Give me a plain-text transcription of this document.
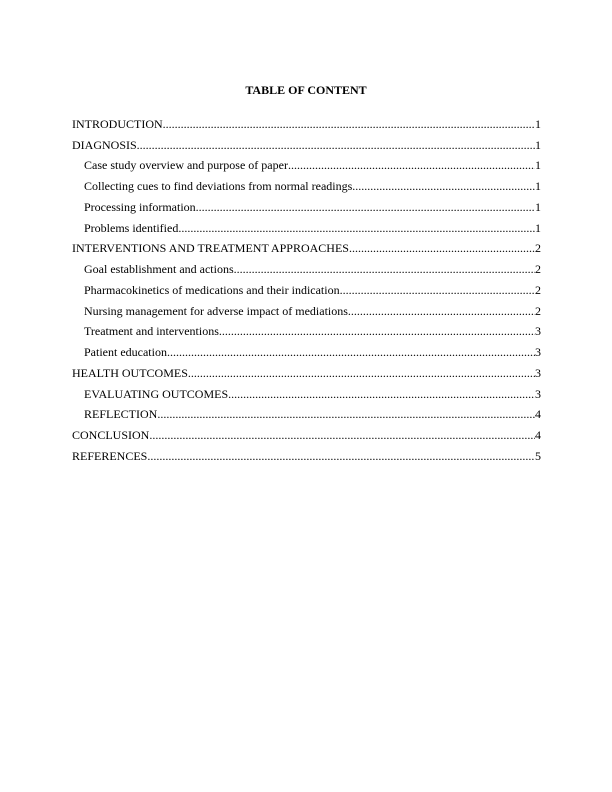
TABLE OF CONTENT
INTRODUCTION .....	1
DIAGNOSIS .....	1
Case study overview and purpose of paper .....	1
Collecting cues to find deviations from normal readings .....	1
Processing information .....	1
Problems identified .....	1
INTERVENTIONS AND TREATMENT APPROACHES .....	2
Goal establishment and actions .....	2
Pharmacokinetics of medications and their indication .....	2
Nursing management for adverse impact of mediations .....	2
Treatment and interventions .....	3
Patient education .....	3
HEALTH OUTCOMES .....	3
EVALUATING OUTCOMES .....	3
REFLECTION .....	4
CONCLUSION .....	4
REFERENCES .....	5
